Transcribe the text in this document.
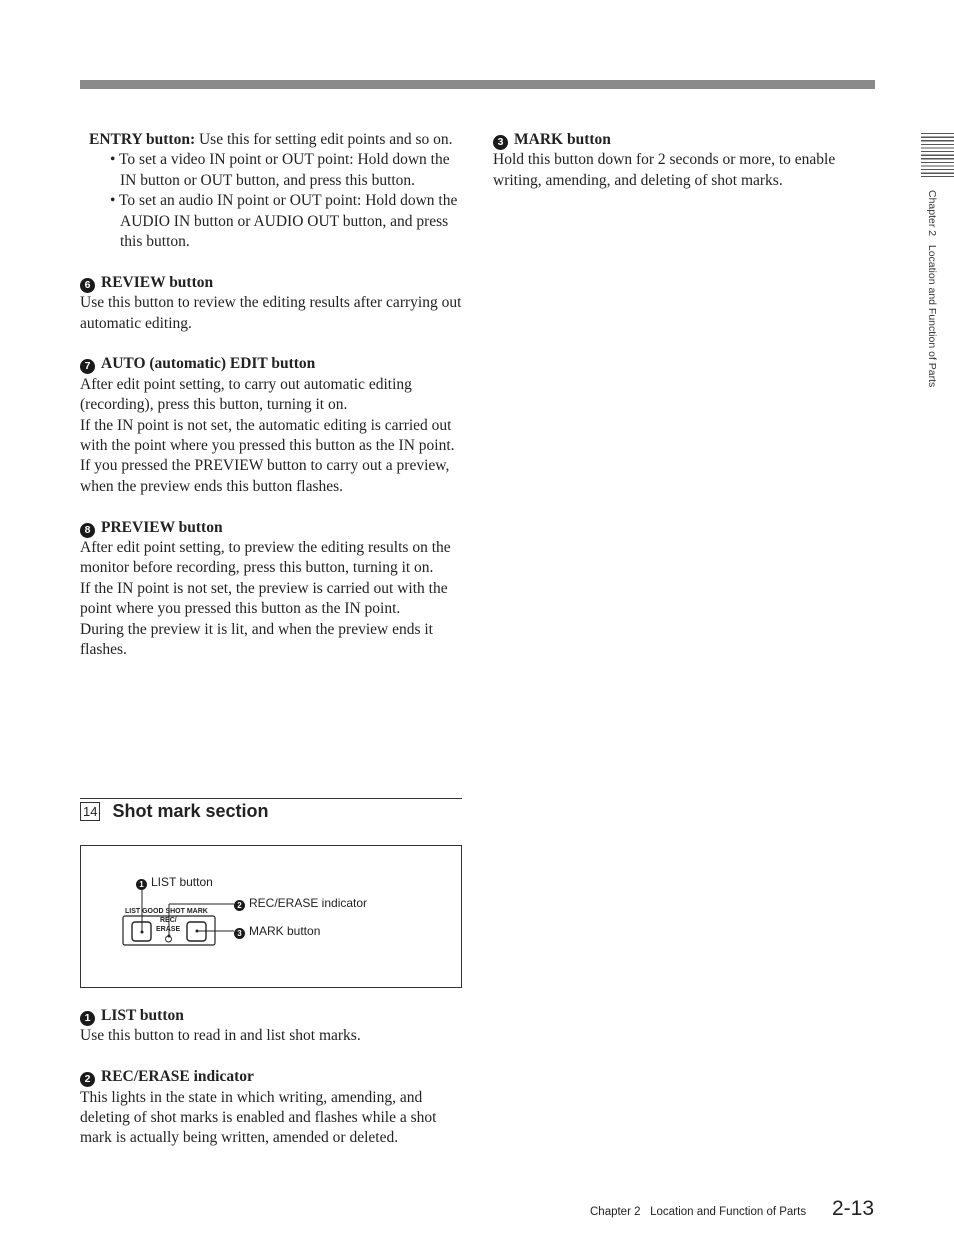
ENTRY button: Use this for setting edit points and so on.

• To set a video IN point or OUT point: Hold down the IN button or OUT button, and press this button.

• To set an audio IN point or OUT point: Hold down the AUDIO IN button or AUDIO OUT button, and press this button.

6 REVIEW button

Use this button to review the editing results after carrying out automatic editing.

7 AUTO (automatic) EDIT button

After edit point setting, to carry out automatic editing (recording), press this button, turning it on.

If the IN point is not set, the automatic editing is carried out with the point where you pressed this button as the IN point.

If you pressed the PREVIEW button to carry out a preview, when the preview ends this button flashes.

8 PREVIEW button

After edit point setting, to preview the editing results on the monitor before recording, press this button, turning it on.

If the IN point is not set, the preview is carried out with the point where you pressed this button as the IN point.

During the preview it is lit, and when the preview ends it flashes.

14 Shot mark section
1 LIST button
2 REC/ERASE indicator
3 MARK button
LIST GOOD SHOT MARK
REC/
ERASE

1 LIST button

Use this button to read in and list shot marks.

2 REC/ERASE indicator

This lights in the state in which writing, amending, and deleting of shot marks is enabled and flashes while a shot mark is actually being written, amended or deleted.

3 MARK button

Hold this button down for 2 seconds or more, to enable writing, amending, and deleting of shot marks.

Chapter 2   Location and Function of Parts
Chapter 2   Location and Function of Parts 2-13
